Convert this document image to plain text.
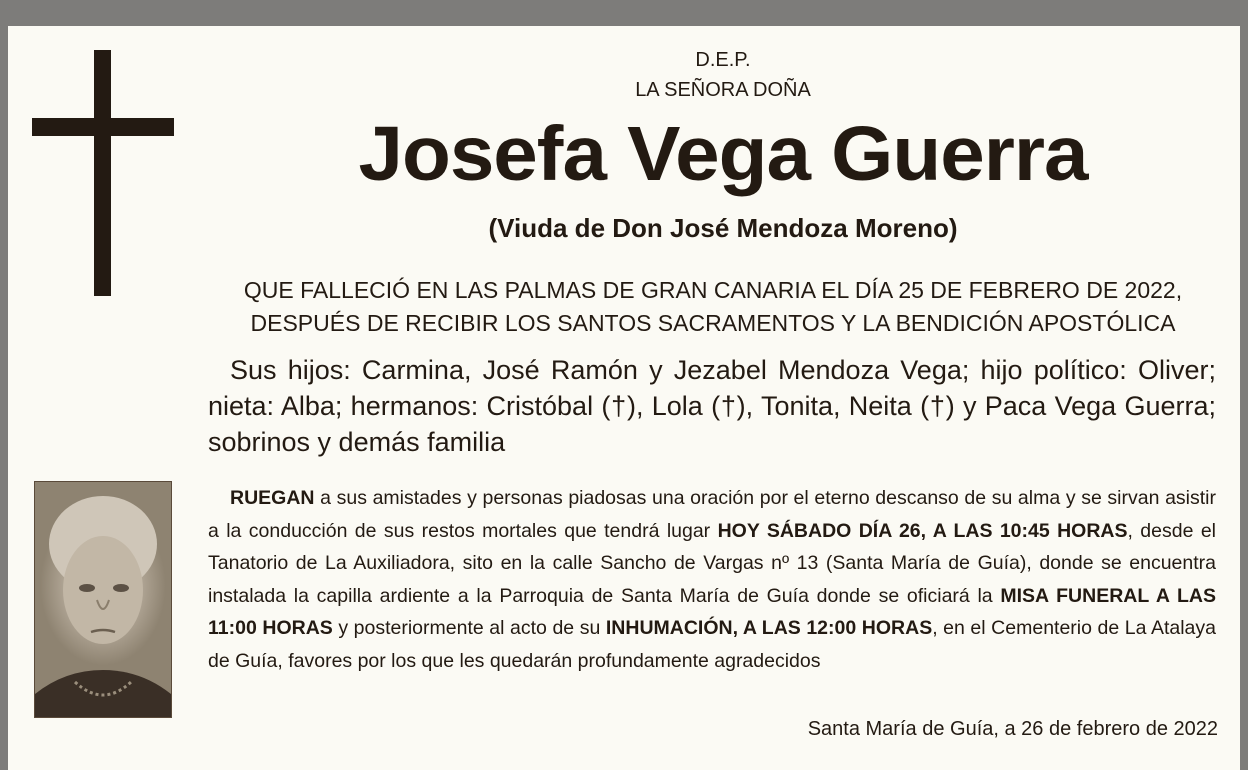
D.E.P.
LA SEÑORA DOÑA
Josefa Vega Guerra
(Viuda de Don José Mendoza Moreno)
QUE FALLECIÓ EN LAS PALMAS DE GRAN CANARIA EL DÍA 25 DE FEBRERO DE 2022,
DESPUÉS DE RECIBIR LOS SANTOS SACRAMENTOS Y LA BENDICIÓN APOSTÓLICA
Sus hijos: Carmina, José Ramón y Jezabel Mendoza Vega; hijo político: Oliver; nieta: Alba; hermanos: Cristóbal (†), Lola (†), Tonita, Neita (†) y Paca Vega Guerra; sobrinos y demás familia
RUEGAN a sus amistades y personas piadosas una oración por el eterno descanso de su alma y se sirvan asistir a la conducción de sus restos mortales que tendrá lugar HOY SÁBADO DÍA 26, A LAS 10:45 HORAS, desde el Tanatorio de La Auxiliadora, sito en la calle Sancho de Vargas nº 13 (Santa María de Guía), donde se encuentra instalada la capilla ardiente a la Parroquia de Santa María de Guía donde se oficiará la MISA FUNERAL A LAS 11:00 HORAS y posteriormente al acto de su INHUMACIÓN, A LAS 12:00 HORAS, en el Cementerio de La Atalaya de Guía, favores por los que les quedarán profundamente agradecidos
Santa María de Guía, a 26 de febrero de 2022
